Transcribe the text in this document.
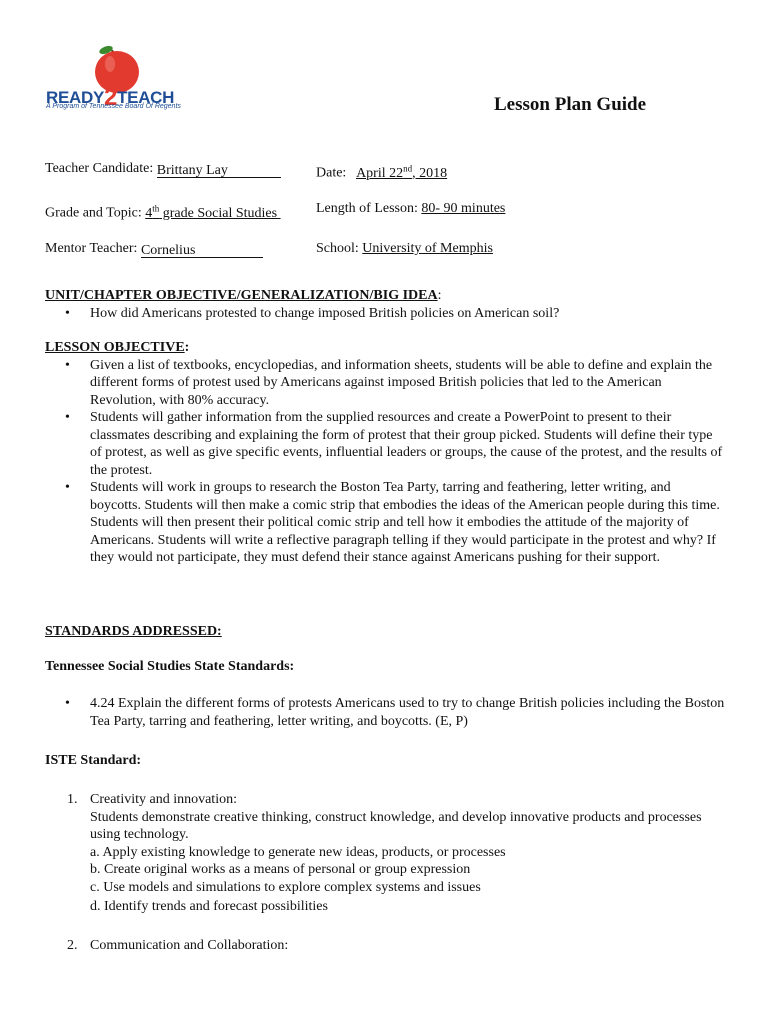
READY2TEACH
A Program of Tennessee Board Of Regents	Lesson Plan Guide
Teacher Candidate: Brittany Lay	Date: April 22nd, 2018
Grade and Topic: 4th grade Social Studies	Length of Lesson: 80- 90 minutes
Mentor Teacher: Cornelius	School: University of Memphis
UNIT/CHAPTER OBJECTIVE/GENERALIZATION/BIG IDEA:
• How did Americans protested to change imposed British policies on American soil?
LESSON OBJECTIVE:
• Given a list of textbooks, encyclopedias, and information sheets, students will be able to define and explain the different forms of protest used by Americans against imposed British policies that led to the American Revolution, with 80% accuracy.
• Students will gather information from the supplied resources and create a PowerPoint to present to their classmates describing and explaining the form of protest that their group picked. Students will define their type of protest, as well as give specific events, influential leaders or groups, the cause of the protest, and the results of the protest.
• Students will work in groups to research the Boston Tea Party, tarring and feathering, letter writing, and boycotts. Students will then make a comic strip that embodies the ideas of the American people during this time. Students will then present their political comic strip and tell how it embodies the attitude of the majority of Americans. Students will write a reflective paragraph telling if they would participate in the protest and why? If they would not participate, they must defend their stance against Americans pushing for their support.
STANDARDS ADDRESSED:
Tennessee Social Studies State Standards:
• 4.24 Explain the different forms of protests Americans used to try to change British policies including the Boston Tea Party, tarring and feathering, letter writing, and boycotts. (E, P)
ISTE Standard:
1. Creativity and innovation:
Students demonstrate creative thinking, construct knowledge, and develop innovative products and processes using technology.
a. Apply existing knowledge to generate new ideas, products, or processes
b. Create original works as a means of personal or group expression
c. Use models and simulations to explore complex systems and issues
d. Identify trends and forecast possibilities
2. Communication and Collaboration:
